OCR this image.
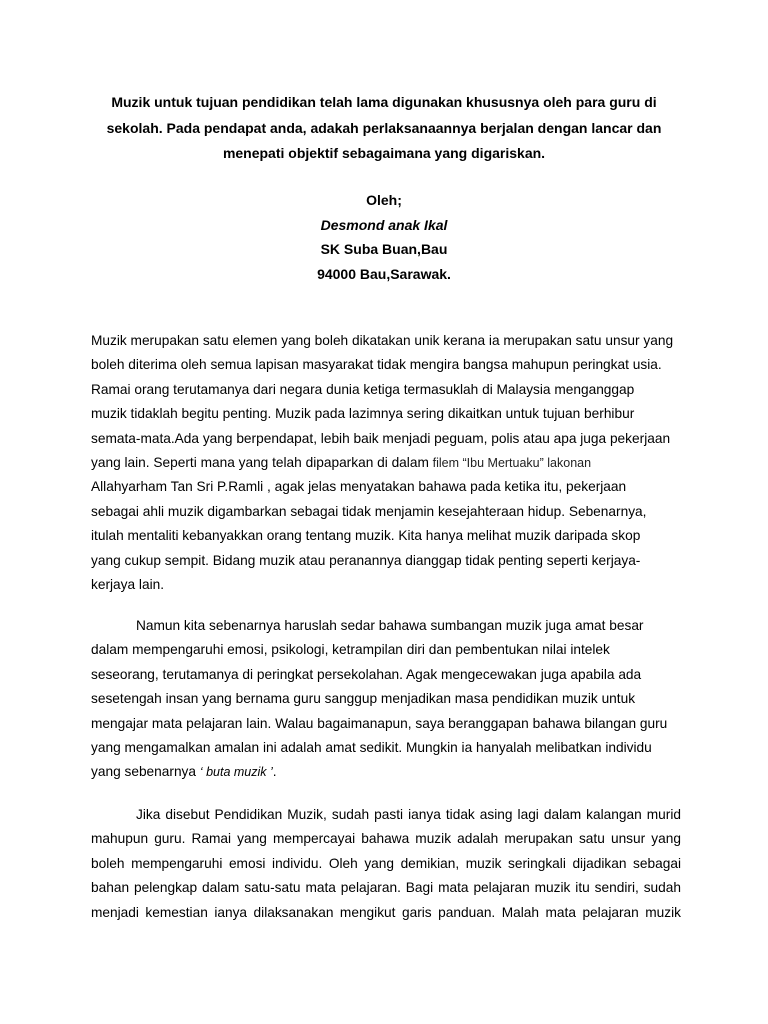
Muzik untuk tujuan pendidikan telah lama digunakan khususnya oleh para guru di
sekolah. Pada pendapat anda, adakah perlaksanaannya berjalan dengan lancar dan
menepati objektif sebagaimana yang digariskan.
Oleh;
Desmond anak Ikal
SK Suba Buan,Bau
94000 Bau,Sarawak.
Muzik merupakan satu elemen yang boleh dikatakan unik kerana ia merupakan satu unsur yang
boleh diterima oleh semua lapisan masyarakat tidak mengira bangsa mahupun peringkat usia.
Ramai orang terutamanya dari negara dunia ketiga termasuklah di Malaysia menganggap
muzik tidaklah begitu penting. Muzik pada lazimnya sering dikaitkan untuk tujuan berhibur
semata-mata.Ada yang berpendapat, lebih baik menjadi peguam, polis atau apa juga pekerjaan
yang lain. Seperti mana yang telah dipaparkan di dalam filem “Ibu Mertuaku” lakonan
Allahyarham Tan Sri P.Ramli , agak jelas menyatakan bahawa pada ketika itu, pekerjaan
sebagai ahli muzik digambarkan sebagai tidak menjamin kesejahteraan hidup. Sebenarnya,
itulah mentaliti kebanyakkan orang tentang muzik. Kita hanya melihat muzik daripada skop
yang cukup sempit. Bidang muzik atau peranannya dianggap tidak penting seperti kerjaya-
kerjaya lain.
Namun kita sebenarnya haruslah sedar bahawa sumbangan muzik juga amat besar
dalam mempengaruhi emosi, psikologi, ketrampilan diri dan pembentukan nilai intelek
seseorang, terutamanya di peringkat persekolahan. Agak mengecewakan juga apabila ada
sesetengah insan yang bernama guru sanggup menjadikan masa pendidikan muzik untuk
mengajar mata pelajaran lain. Walau bagaimanapun, saya beranggapan bahawa bilangan guru
yang mengamalkan amalan ini adalah amat sedikit. Mungkin ia hanyalah melibatkan individu
yang sebenarnya ‘ buta muzik ’.
Jika disebut Pendidikan Muzik, sudah pasti ianya tidak asing lagi dalam kalangan murid
mahupun guru. Ramai yang mempercayai bahawa muzik adalah merupakan satu unsur yang
boleh mempengaruhi emosi individu. Oleh yang demikian, muzik seringkali dijadikan sebagai
bahan pelengkap dalam satu-satu mata pelajaran. Bagi mata pelajaran muzik itu sendiri, sudah
menjadi kemestian ianya dilaksanakan mengikut garis panduan. Malah mata pelajaran muzik
